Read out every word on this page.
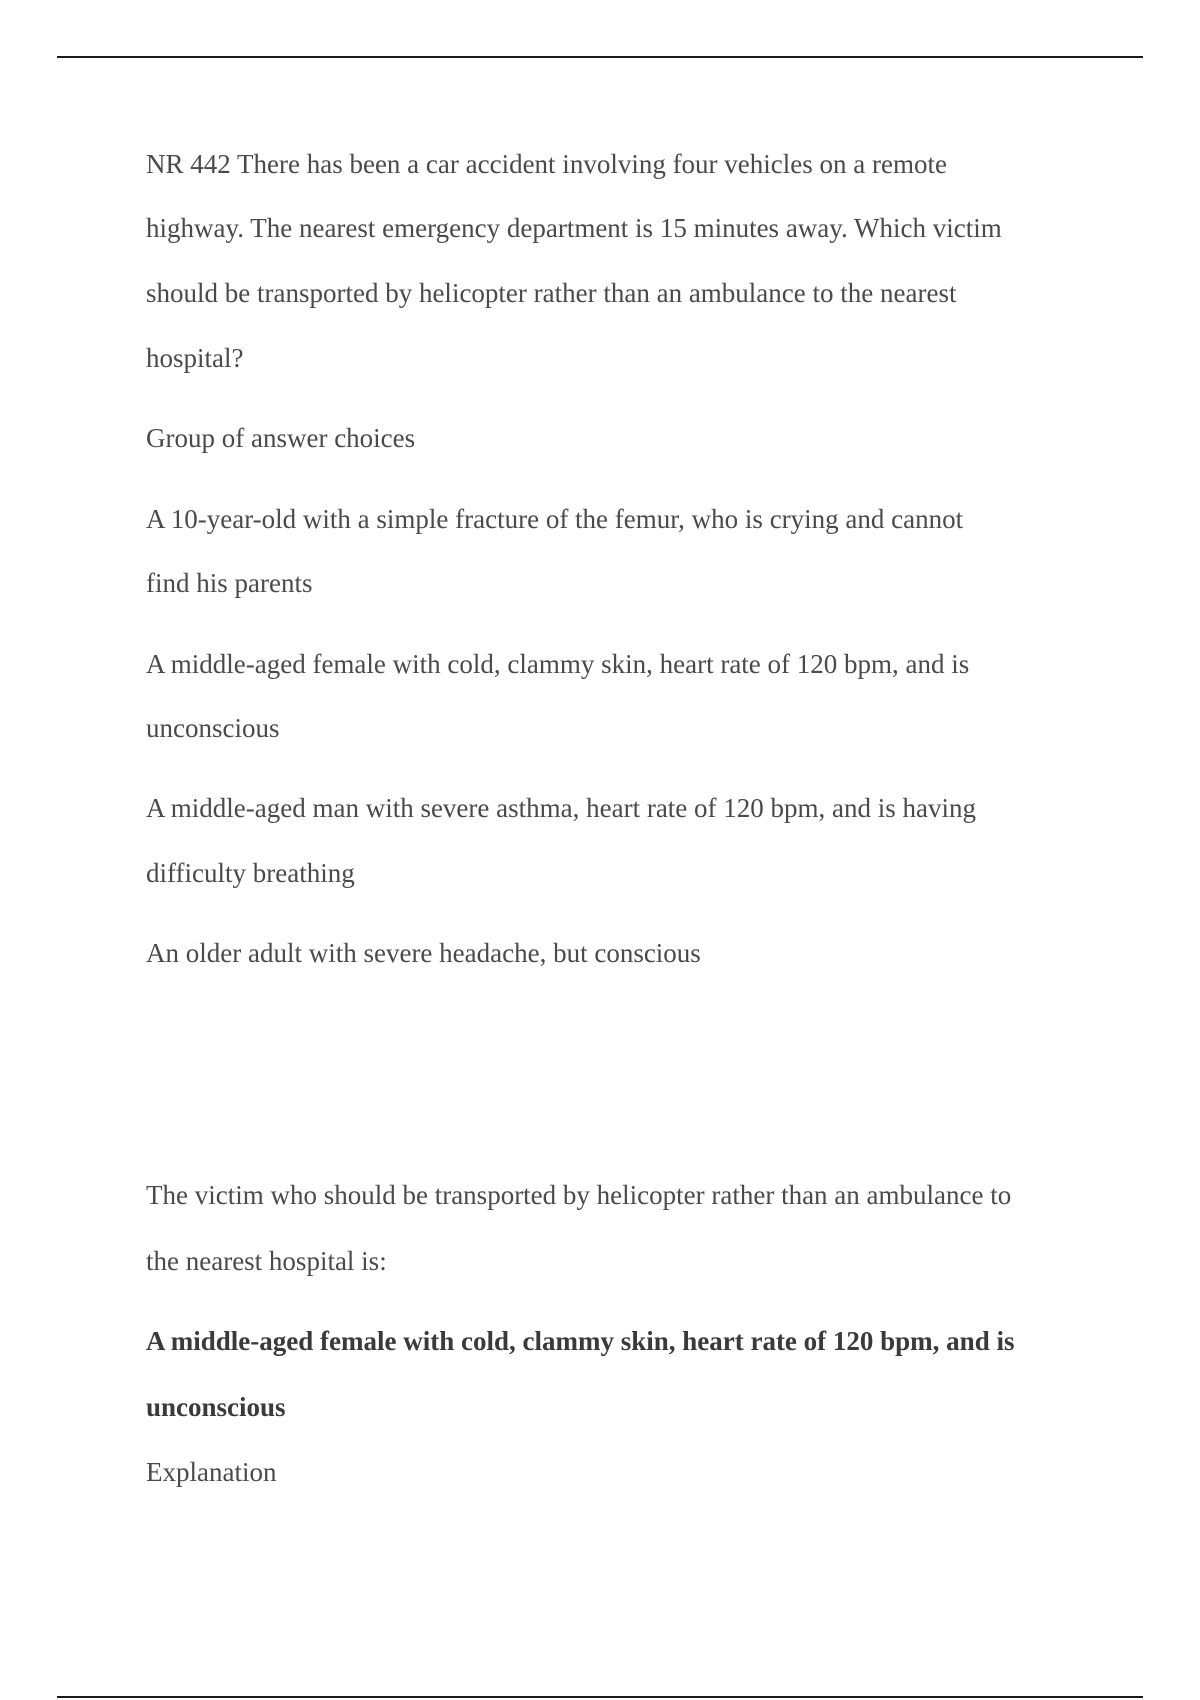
NR 442 There has been a car accident involving four vehicles on a remote
highway. The nearest emergency department is 15 minutes away. Which victim
should be transported by helicopter rather than an ambulance to the nearest
hospital?
Group of answer choices
A 10-year-old with a simple fracture of the femur, who is crying and cannot
find his parents
A middle-aged female with cold, clammy skin, heart rate of 120 bpm, and is
unconscious
A middle-aged man with severe asthma, heart rate of 120 bpm, and is having
difficulty breathing
An older adult with severe headache, but conscious
The victim who should be transported by helicopter rather than an ambulance to
the nearest hospital is:
A middle-aged female with cold, clammy skin, heart rate of 120 bpm, and is
unconscious
Explanation
